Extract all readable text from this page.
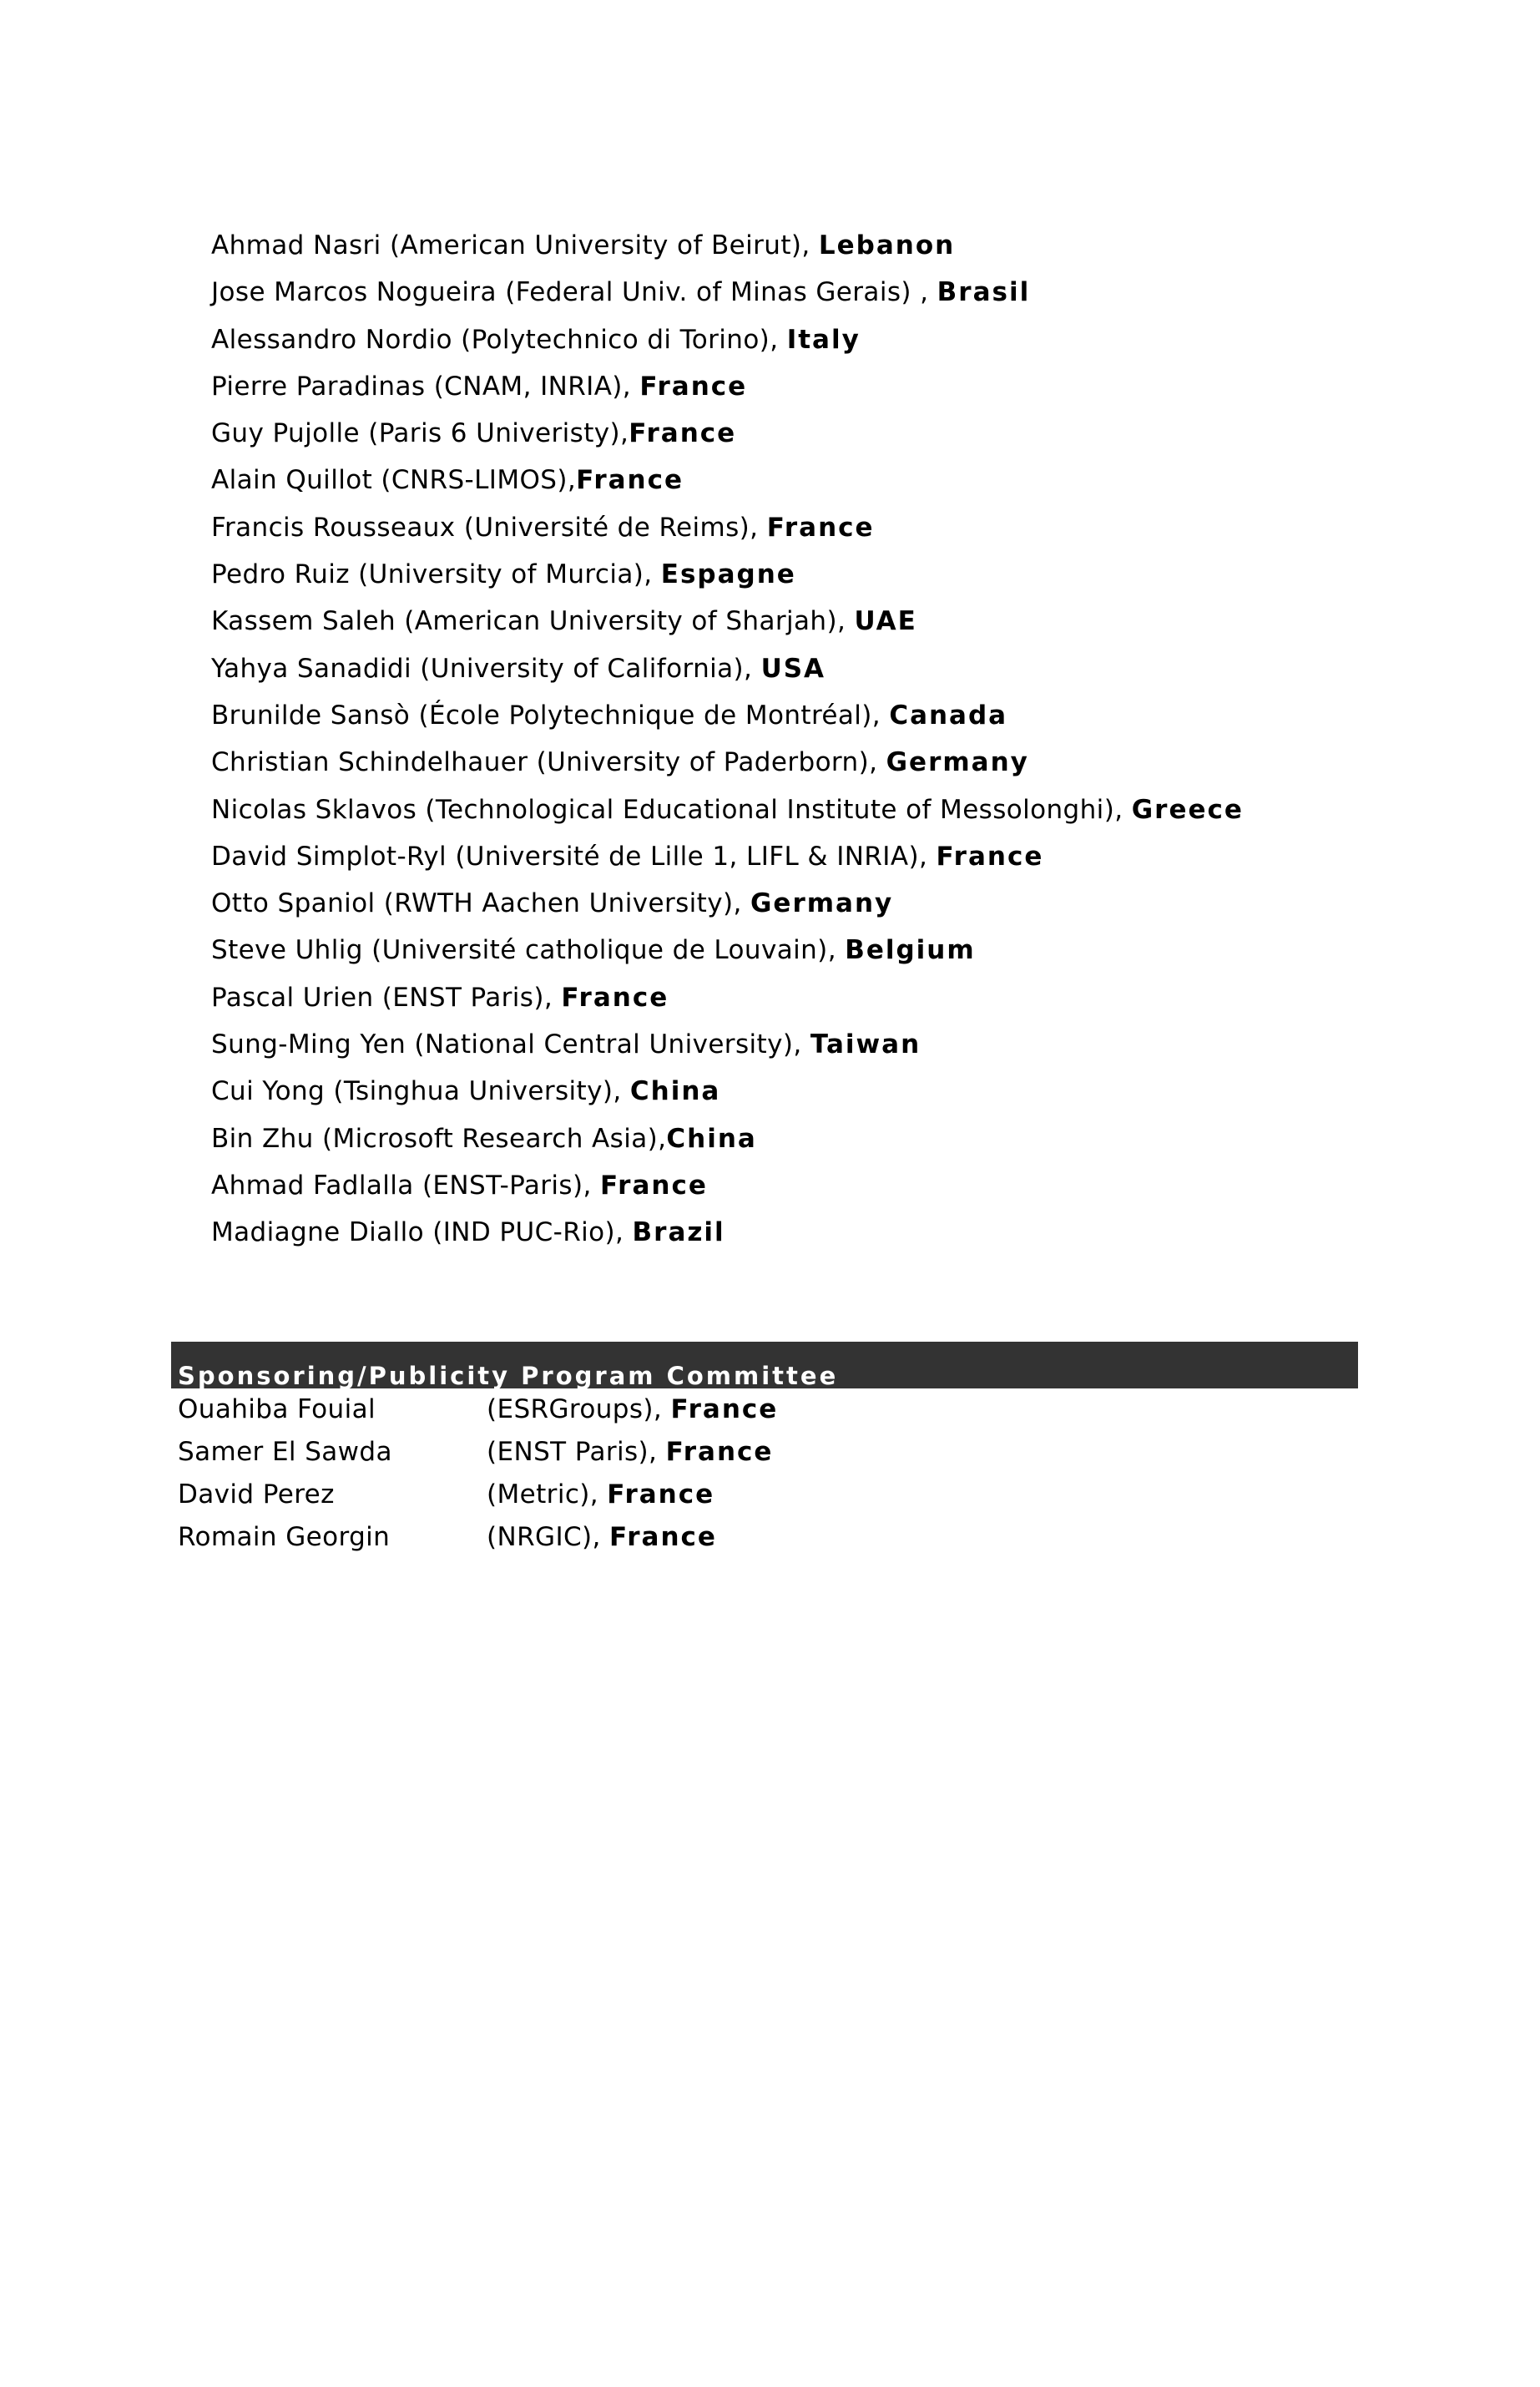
Ahmad Nasri (American University of Beirut), Lebanon
Jose Marcos Nogueira (Federal Univ. of Minas Gerais) , Brasil
Alessandro Nordio (Polytechnico di Torino), Italy
Pierre Paradinas (CNAM, INRIA), France
Guy Pujolle (Paris 6 Univeristy),France
Alain Quillot (CNRS-LIMOS),France
Francis Rousseaux (Université de Reims), France
Pedro Ruiz (University of Murcia), Espagne
Kassem Saleh (American University of Sharjah), UAE
Yahya Sanadidi (University of California), USA
Brunilde Sansò (École Polytechnique de Montréal), Canada
Christian Schindelhauer (University of Paderborn), Germany
Nicolas Sklavos (Technological Educational Institute of Messolonghi), Greece
David Simplot-Ryl (Université de Lille 1, LIFL & INRIA), France
Otto Spaniol (RWTH Aachen University), Germany
Steve Uhlig (Université catholique de Louvain), Belgium
Pascal Urien (ENST Paris), France
Sung-Ming Yen (National Central University), Taiwan
Cui Yong (Tsinghua University), China
Bin Zhu (Microsoft Research Asia),China
Ahmad Fadlalla (ENST-Paris), France
Madiagne Diallo (IND PUC-Rio), Brazil
Sponsoring/Publicity Program Committee
Ouahiba Fouial	(ESRGroups), France
Samer El Sawda	(ENST Paris), France
David Perez	(Metric), France
Romain Georgin	(NRGIC), France
